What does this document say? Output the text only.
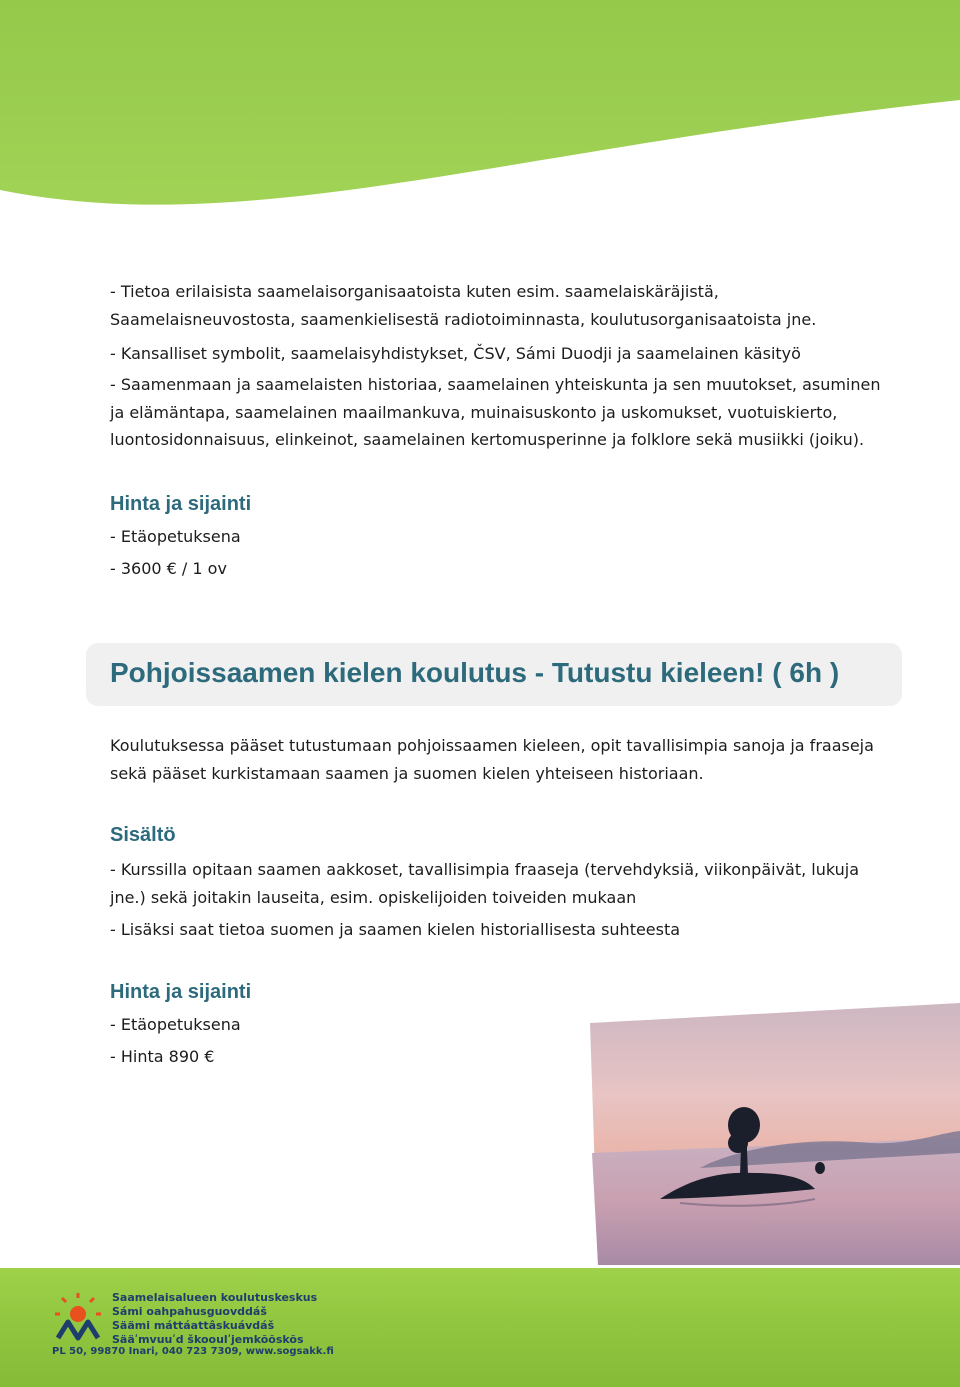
- Tietoa erilaisista saamelaisorganisaatoista kuten esim. saamelaiskäräjistä,

Saamelaisneuvostosta, saamenkielisestä radiotoiminnasta, koulutusorganisaatoista jne.

- Kansalliset symbolit, saamelaisyhdistykset, ČSV, Sámi Duodji ja saamelainen käsityö

- Saamenmaan ja saamelaisten historiaa, saamelainen yhteiskunta ja sen muutokset, asuminen

ja elämäntapa, saamelainen maailmankuva, muinaisuskonto ja uskomukset, vuotuiskierto,

luontosidonnaisuus, elinkeinot, saamelainen kertomusperinne ja folklore sekä musiikki (joiku).

Hinta ja sijainti

- Etäopetuksena

- 3600 € / 1 ov

Pohjoissaamen kielen koulutus - Tutustu kieleen! ( 6h )

Koulutuksessa pääset tutustumaan pohjoissaamen kieleen, opit tavallisimpia sanoja ja fraaseja

sekä pääset kurkistamaan saamen ja suomen kielen yhteiseen historiaan.

Sisältö

- Kurssilla opitaan saamen aakkoset, tavallisimpia fraaseja (tervehdyksiä, viikonpäivät, lukuja

jne.) sekä joitakin lauseita, esim. opiskelijoiden toiveiden mukaan

- Lisäksi saat tietoa suomen ja saamen kielen historiallisesta suhteesta

Hinta ja sijainti

- Etäopetuksena

- Hinta 890 €

Saamelaisalueen koulutuskeskus
Sámi oahpahusguovddáš
Säämi máttáattâskuávdáš
Sääʹmvuuʹd škooulʹjemkõõskõs
PL 50, 99870 Inari, 040 723 7309, www.sogsakk.fi
